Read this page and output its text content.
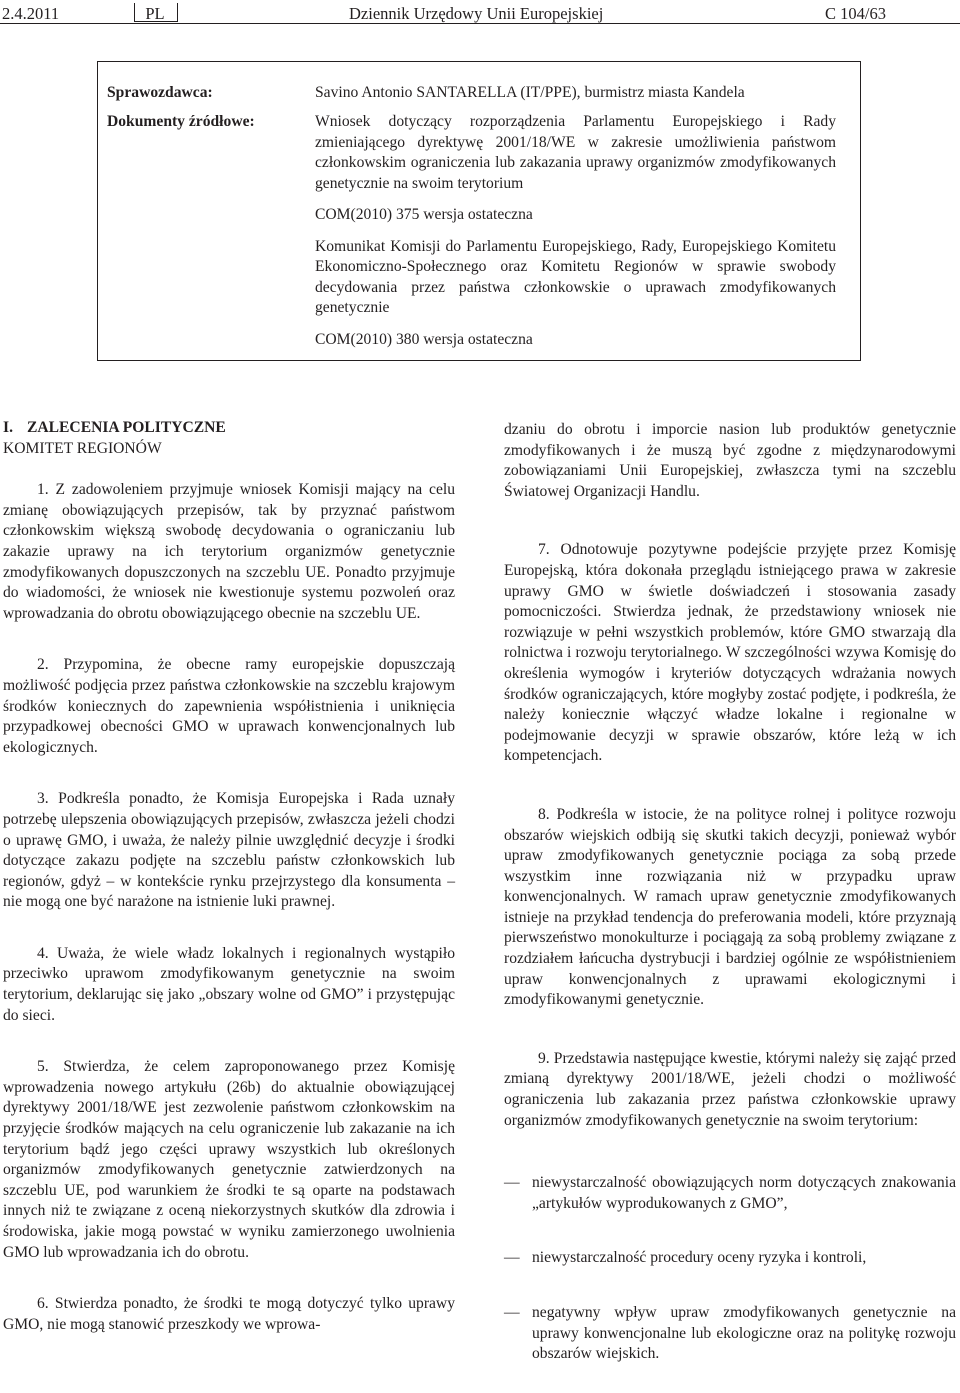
2.4.2011	PL	Dziennik Urzędowy Unii Europejskiej	C 104/63
Sprawozdawca:	Savino Antonio SANTARELLA (IT/PPE), burmistrz miasta Kandela

Dokumenty źródłowe:	Wniosek dotyczący rozporządzenia Parlamentu Europejskiego i Rady zmieniającego dyrektywę 2001/18/WE w zakresie umożliwienia państwom członkowskim ograniczenia lub zakazania uprawy organizmów zmodyfikowanych genetycznie na swoim terytorium

COM(2010) 375 wersja ostateczna

Komunikat Komisji do Parlamentu Europejskiego, Rady, Europejskiego Komitetu Ekonomiczno-Społecznego oraz Komitetu Regionów w sprawie swobody decydowania przez państwa członkowskie o uprawach zmodyfikowanych genetycznie

COM(2010) 380 wersja ostateczna

I. ZALECENIA POLITYCZNE

KOMITET REGIONÓW

1. Z zadowoleniem przyjmuje wniosek Komisji mający na celu zmianę obowiązujących przepisów, tak by przyznać państwom członkowskim większą swobodę decydowania o ograniczaniu lub zakazie uprawy na ich terytorium organizmów genetycznie zmodyfikowanych dopuszczonych na szczeblu UE. Ponadto przyjmuje do wiadomości, że wniosek nie kwestionuje systemu pozwoleń oraz wprowadzania do obrotu obowiązującego obecnie na szczeblu UE.

2. Przypomina, że obecne ramy europejskie dopuszczają możliwość podjęcia przez państwa członkowskie na szczeblu krajowym środków koniecznych do zapewnienia współistnienia i uniknięcia przypadkowej obecności GMO w uprawach konwencjonalnych lub ekologicznych.

3. Podkreśla ponadto, że Komisja Europejska i Rada uznały potrzebę ulepszenia obowiązujących przepisów, zwłaszcza jeżeli chodzi o uprawę GMO, i uważa, że należy pilnie uwzględnić decyzje i środki dotyczące zakazu podjęte na szczeblu państw członkowskich lub regionów, gdyż – w kontekście rynku przejrzystego dla konsumenta – nie mogą one być narażone na istnienie luki prawnej.

4. Uważa, że wiele władz lokalnych i regionalnych wystąpiło przeciwko uprawom zmodyfikowanym genetycznie na swoim terytorium, deklarując się jako „obszary wolne od GMO” i przystępując do sieci.

5. Stwierdza, że celem zaproponowanego przez Komisję wprowadzenia nowego artykułu (26b) do aktualnie obowiązującej dyrektywy 2001/18/WE jest zezwolenie państwom członkowskim na przyjęcie środków mających na celu ograniczenie lub zakazanie na ich terytorium bądź jego części uprawy wszystkich lub określonych organizmów zmodyfikowanych genetycznie zatwierdzonych na szczeblu UE, pod warunkiem że środki te są oparte na podstawach innych niż te związane z oceną niekorzystnych skutków dla zdrowia i środowiska, jakie mogą powstać w wyniku zamierzonego uwolnienia GMO lub wprowadzania ich do obrotu.

6. Stwierdza ponadto, że środki te mogą dotyczyć tylko uprawy GMO, nie mogą stanowić przeszkody we wprowa-

dzaniu do obrotu i imporcie nasion lub produktów genetycznie zmodyfikowanych i że muszą być zgodne z międzynarodowymi zobowiązaniami Unii Europejskiej, zwłaszcza tymi na szczeblu Światowej Organizacji Handlu.

7. Odnotowuje pozytywne podejście przyjęte przez Komisję Europejską, która dokonała przeglądu istniejącego prawa w zakresie uprawy GMO w świetle doświadczeń i stosowania zasady pomocniczości. Stwierdza jednak, że przedstawiony wniosek nie rozwiązuje w pełni wszystkich problemów, które GMO stwarzają dla rolnictwa i rozwoju terytorialnego. W szczególności wzywa Komisję do określenia wymogów i kryteriów dotyczących wdrażania nowych środków ograniczających, które mogłyby zostać podjęte, i podkreśla, że należy koniecznie włączyć władze lokalne i regionalne w podejmowanie decyzji w sprawie obszarów, które leżą w ich kompetencjach.

8. Podkreśla w istocie, że na polityce rolnej i polityce rozwoju obszarów wiejskich odbiją się skutki takich decyzji, ponieważ wybór upraw zmodyfikowanych genetycznie pociąga za sobą przede wszystkim inne rozwiązania niż w przypadku upraw konwencjonalnych. W ramach upraw genetycznie zmodyfikowanych istnieje na przykład tendencja do preferowania modeli, które przyznają pierwszeństwo monokulturze i pociągają za sobą problemy związane z rozdziałem łańcucha dystrybucji i bardziej ogólnie ze współistnieniem upraw konwencjonalnych z uprawami ekologicznymi i zmodyfikowanymi genetycznie.

9. Przedstawia następujące kwestie, którymi należy się zająć przed zmianą dyrektywy 2001/18/WE, jeżeli chodzi o możliwość ograniczenia lub zakazania przez państwa członkowskie uprawy organizmów zmodyfikowanych genetycznie na swoim terytorium:

— niewystarczalność obowiązujących norm dotyczących znakowania „artykułów wyprodukowanych z GMO”,
— niewystarczalność procedury oceny ryzyka i kontroli,
— negatywny wpływ upraw zmodyfikowanych genetycznie na uprawy konwencjonalne lub ekologiczne oraz na politykę rozwoju obszarów wiejskich.
